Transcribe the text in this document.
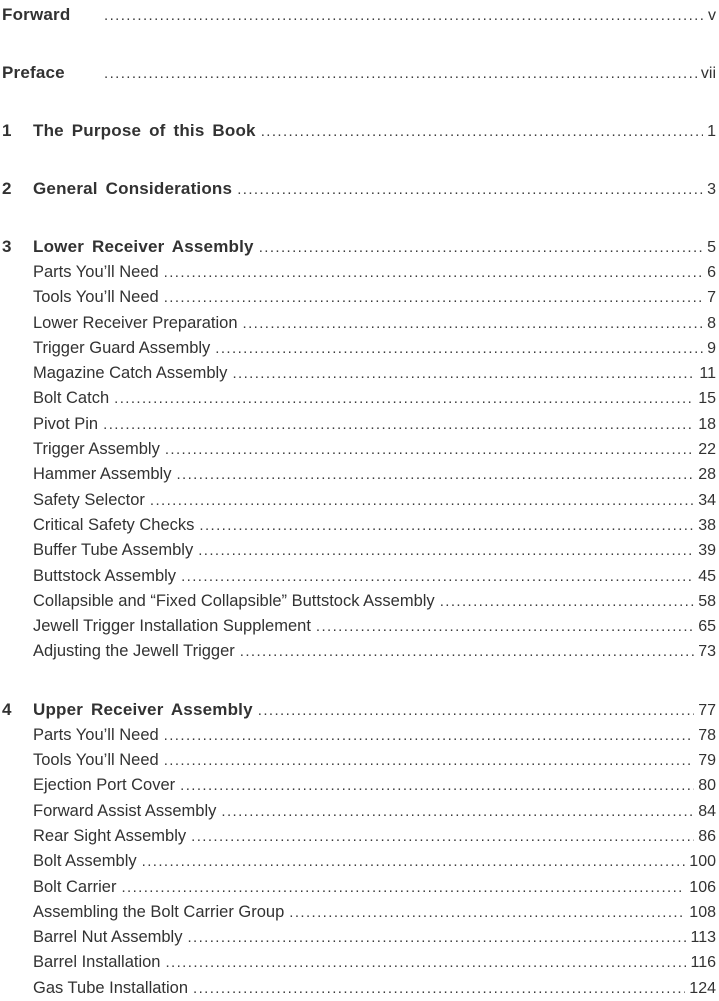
Forward .....	v
Preface .....	vii
1	The Purpose of this Book .....	1
2	General Considerations .....	3
3	Lower Receiver Assembly .....	5
Parts You’ll Need .....	6
Tools You’ll Need .....	7
Lower Receiver Preparation .....	8
Trigger Guard Assembly .....	9
Magazine Catch Assembly .....	11
Bolt Catch .....	15
Pivot Pin .....	18
Trigger Assembly .....	22
Hammer Assembly .....	28
Safety Selector .....	34
Critical Safety Checks .....	38
Buffer Tube Assembly .....	39
Buttstock Assembly .....	45
Collapsible and “Fixed Collapsible” Buttstock Assembly .....	58
Jewell Trigger Installation Supplement .....	65
Adjusting the Jewell Trigger .....	73
4	Upper Receiver Assembly .....	77
Parts You’ll Need .....	78
Tools You’ll Need .....	79
Ejection Port Cover .....	80
Forward Assist Assembly .....	84
Rear Sight Assembly .....	86
Bolt Assembly .....	100
Bolt Carrier .....	106
Assembling the Bolt Carrier Group .....	108
Barrel Nut Assembly .....	113
Barrel Installation .....	116
Gas Tube Installation .....	124
